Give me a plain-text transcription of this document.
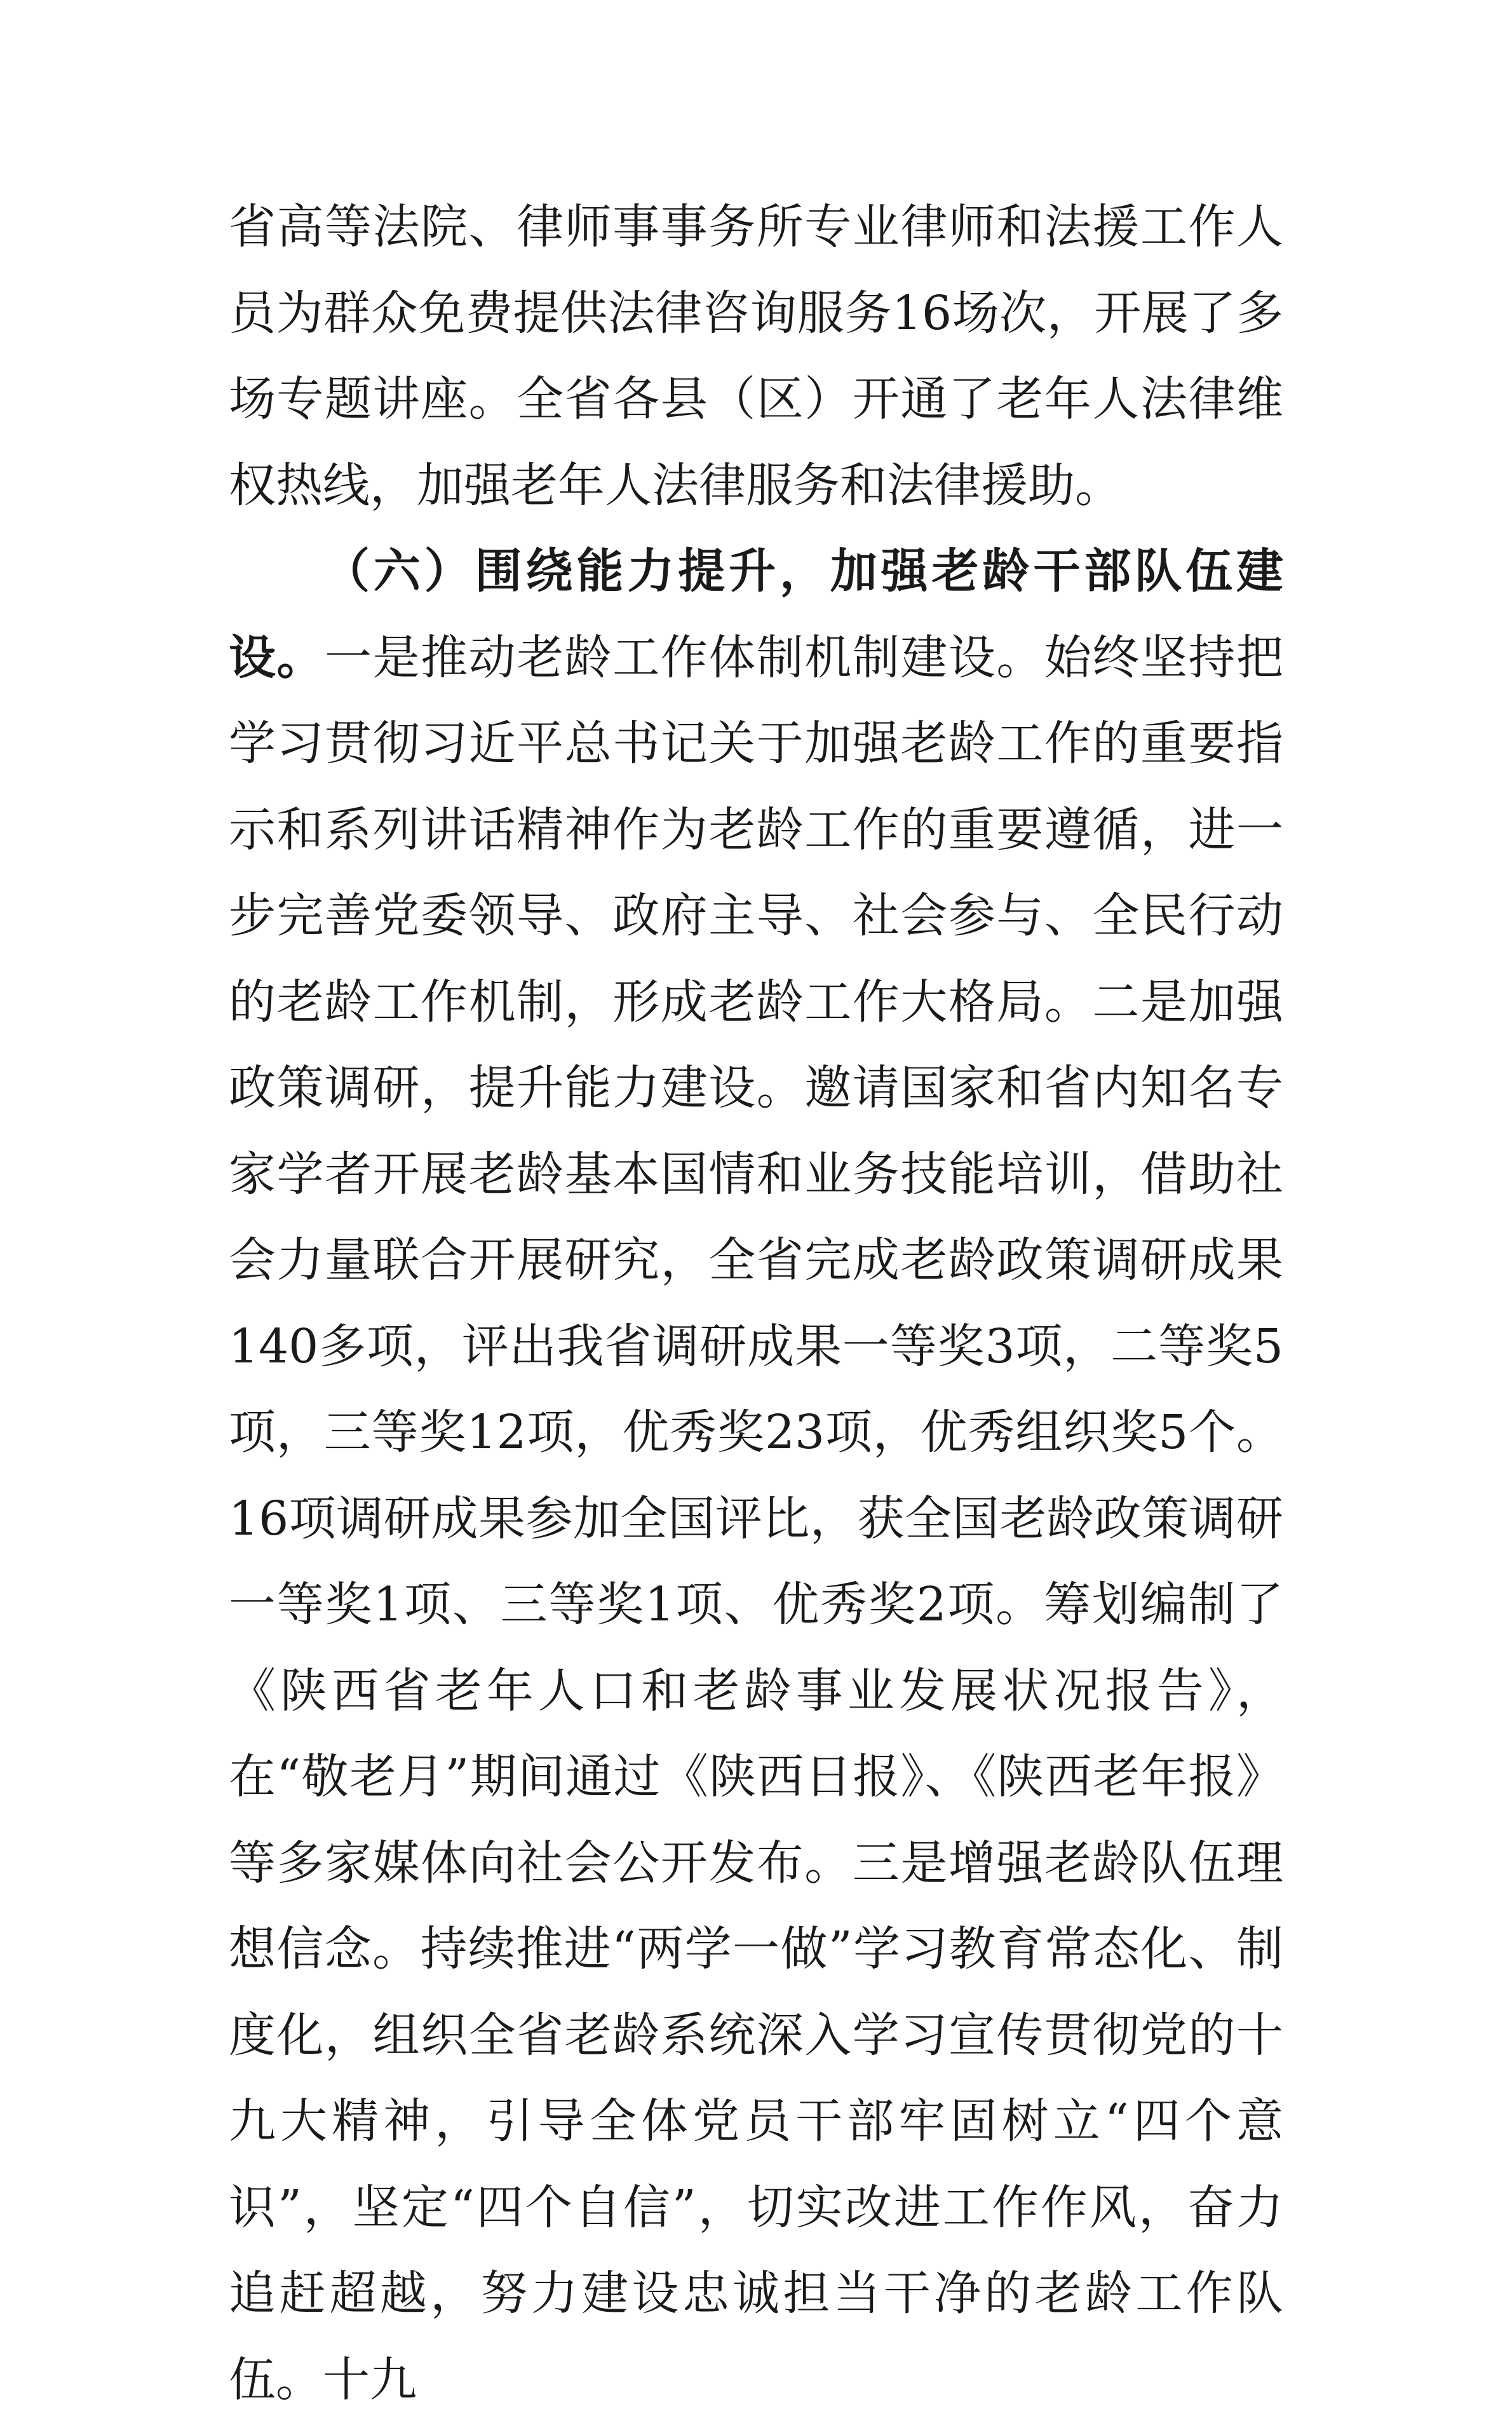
省高等法院、律师事事务所专业律师和法援工作人员为群众免费提供法律咨询服务16场次，开展了多场专题讲座。全省各县（区）开通了老年人法律维权热线，加强老年人法律服务和法律援助。

（六）围绕能力提升，加强老龄干部队伍建设。一是推动老龄工作体制机制建设。始终坚持把学习贯彻习近平总书记关于加强老龄工作的重要指示和系列讲话精神作为老龄工作的重要遵循，进一步完善党委领导、政府主导、社会参与、全民行动的老龄工作机制，形成老龄工作大格局。二是加强政策调研，提升能力建设。邀请国家和省内知名专家学者开展老龄基本国情和业务技能培训，借助社会力量联合开展研究，全省完成老龄政策调研成果140多项，评出我省调研成果一等奖3项，二等奖5项，三等奖12项，优秀奖23项，优秀组织奖5个。16项调研成果参加全国评比，获全国老龄政策调研一等奖1项、三等奖1项、优秀奖2项。筹划编制了《陕西省老年人口和老龄事业发展状况报告》，在“敬老月”期间通过《陕西日报》、《陕西老年报》等多家媒体向社会公开发布。三是增强老龄队伍理想信念。持续推进“两学一做”学习教育常态化、制度化，组织全省老龄系统深入学习宣传贯彻党的十九大精神，引导全体党员干部牢固树立“四个意识”，坚定“四个自信”，切实改进工作作风，奋力追赶超越，努力建设忠诚担当干净的老龄工作队伍。十九
